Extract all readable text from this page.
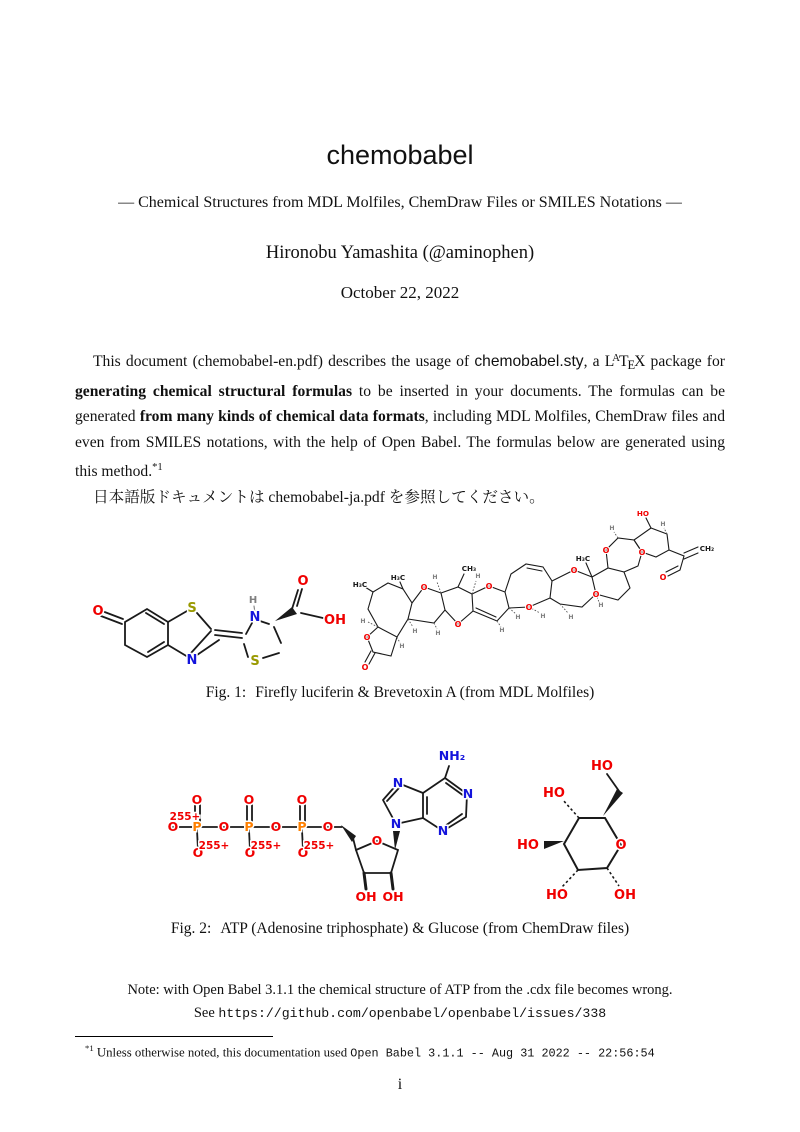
chemobabel
— Chemical Structures from MDL Molfiles, ChemDraw Files or SMILES Notations —
Hironobu Yamashita (@aminophen)
October 22, 2022

This document (chemobabel-en.pdf) describes the usage of chemobabel.sty, a $L^ATEX$ package for generating chemical structural formulas to be inserted in your documents. The formulas can be generated from many kinds of chemical data formats, including MDL Molfiles, ChemDraw files and even from SMILES notations, with the help of Open Babel. The formulas below are generated using this method.$^{*1}$

日本語版ドキュメントは chemobabel-ja.pdf を参照してください。

O	S
N
H
N
S
O
OH
O
O
O
O
O
O
O
O
O	O
O
HO
CH₂
H₃C
H₃C
CH₃
H₃C
H
H
H	H
H	H
H
H	H	H
H
H
H
Fig. 1: Firefly luciferin & Brevetoxin A (from MDL Molfiles)
O	O	O
P	P	P
O	O	O	O
O	O	O
255+
255+ 255+ 255+	O
OH OH
N
N
N
N
NH₂
HO
HO
HO	O
HO	OH
Fig. 2: ATP (Adenosine triphosphate) & Glucose (from ChemDraw files)
Note: with Open Babel 3.1.1 the chemical structure of ATP from the .cdx file becomes wrong.
See https://github.com/openbabel/openbabel/issues/338
$^{*1}$ Unless otherwise noted, this documentation used Open Babel 3.1.1 -- Aug 31 2022 -- 22:56:54
i
